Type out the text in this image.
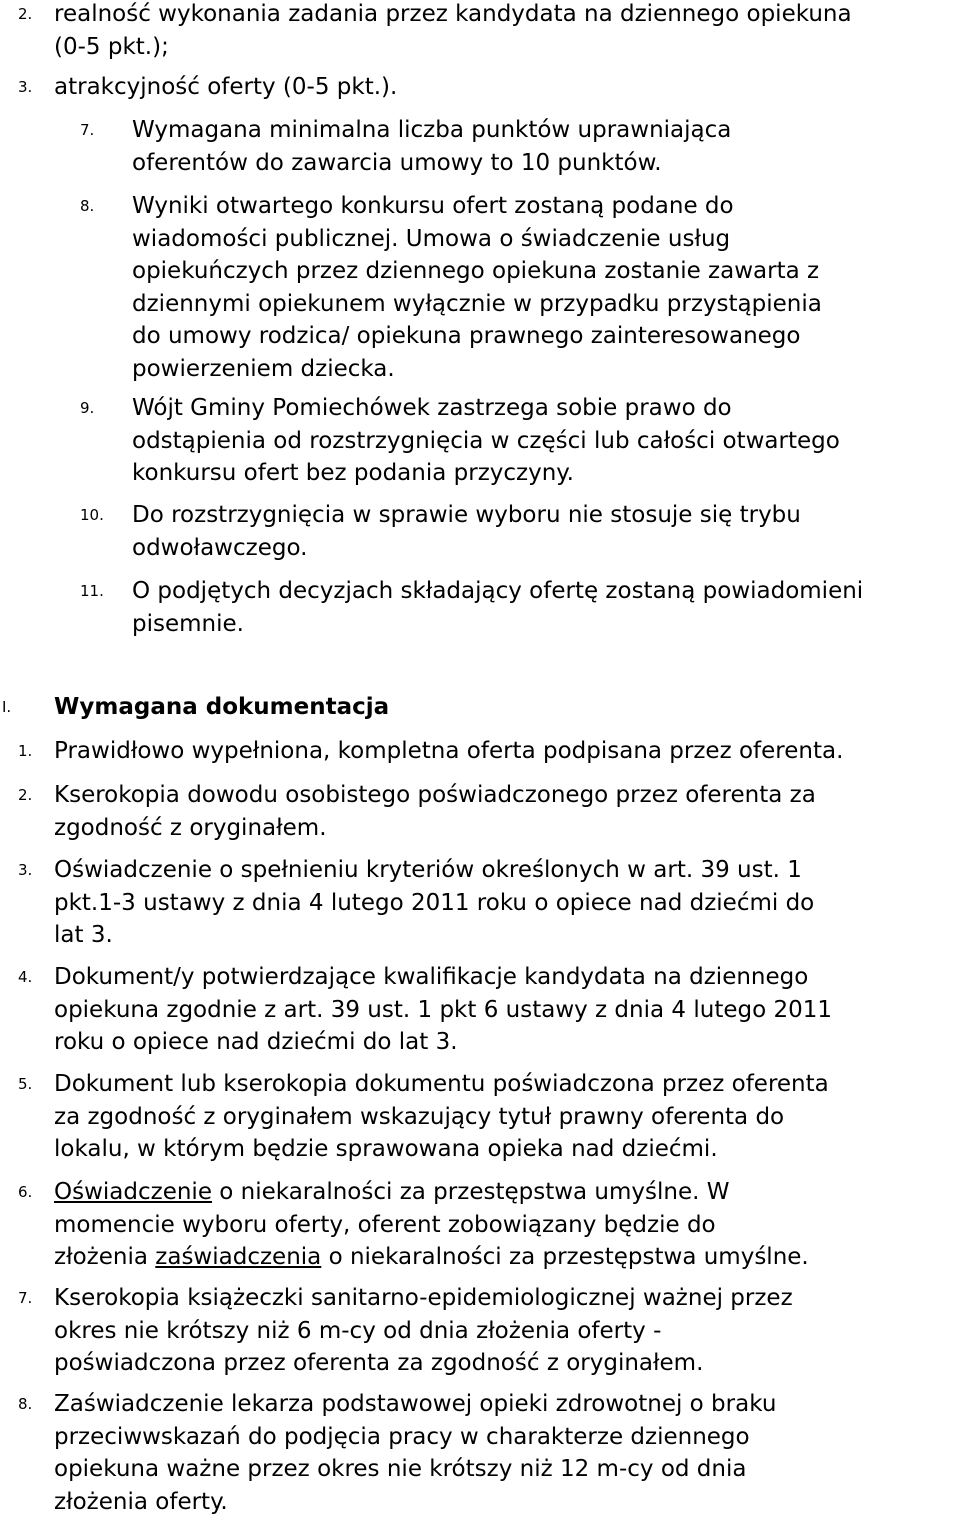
2. realność wykonania zadania przez kandydata na dziennego opiekuna
(0-5 pkt.);
3. atrakcyjność oferty (0-5 pkt.).
7. Wymagana minimalna liczba punktów uprawniająca
oferentów do zawarcia umowy to 10 punktów.
8. Wyniki otwartego konkursu ofert zostaną podane do
wiadomości publicznej. Umowa o świadczenie usług
opiekuńczych przez dziennego opiekuna zostanie zawarta z
dziennymi opiekunem wyłącznie w przypadku przystąpienia
do umowy rodzica/ opiekuna prawnego zainteresowanego
powierzeniem dziecka.
9. Wójt Gminy Pomiechówek zastrzega sobie prawo do
odstąpienia od rozstrzygnięcia w części lub całości otwartego
konkursu ofert bez podania przyczyny.
10. Do rozstrzygnięcia w sprawie wyboru nie stosuje się trybu
odwoławczego.
11. O podjętych decyzjach składający ofertę zostaną powiadomieni
pisemnie.
I. Wymagana dokumentacja
1. Prawidłowo wypełniona, kompletna oferta podpisana przez oferenta.
2. Kserokopia dowodu osobistego poświadczonego przez oferenta za
zgodność z oryginałem.
3. Oświadczenie o spełnieniu kryteriów określonych w art. 39 ust. 1
pkt.1-3 ustawy z dnia 4 lutego 2011 roku o opiece nad dziećmi do
lat 3.
4. Dokument/y potwierdzające kwalifikacje kandydata na dziennego
opiekuna zgodnie z art. 39 ust. 1 pkt 6 ustawy z dnia 4 lutego 2011
roku o opiece nad dziećmi do lat 3.
5. Dokument lub kserokopia dokumentu poświadczona przez oferenta
za zgodność z oryginałem wskazujący tytuł prawny oferenta do
lokalu, w którym będzie sprawowana opieka nad dziećmi.
6. Oświadczenie o niekaralności za przestępstwa umyślne. W
momencie wyboru oferty, oferent zobowiązany będzie do
złożenia zaświadczenia o niekaralności za przestępstwa umyślne.
7. Kserokopia książeczki sanitarno-epidemiologicznej ważnej przez
okres nie krótszy niż 6 m-cy od dnia złożenia oferty -
poświadczona przez oferenta za zgodność z oryginałem.
8. Zaświadczenie lekarza podstawowej opieki zdrowotnej o braku
przeciwwskazań do podjęcia pracy w charakterze dziennego
opiekuna ważne przez okres nie krótszy niż 12 m-cy od dnia
złożenia oferty.
